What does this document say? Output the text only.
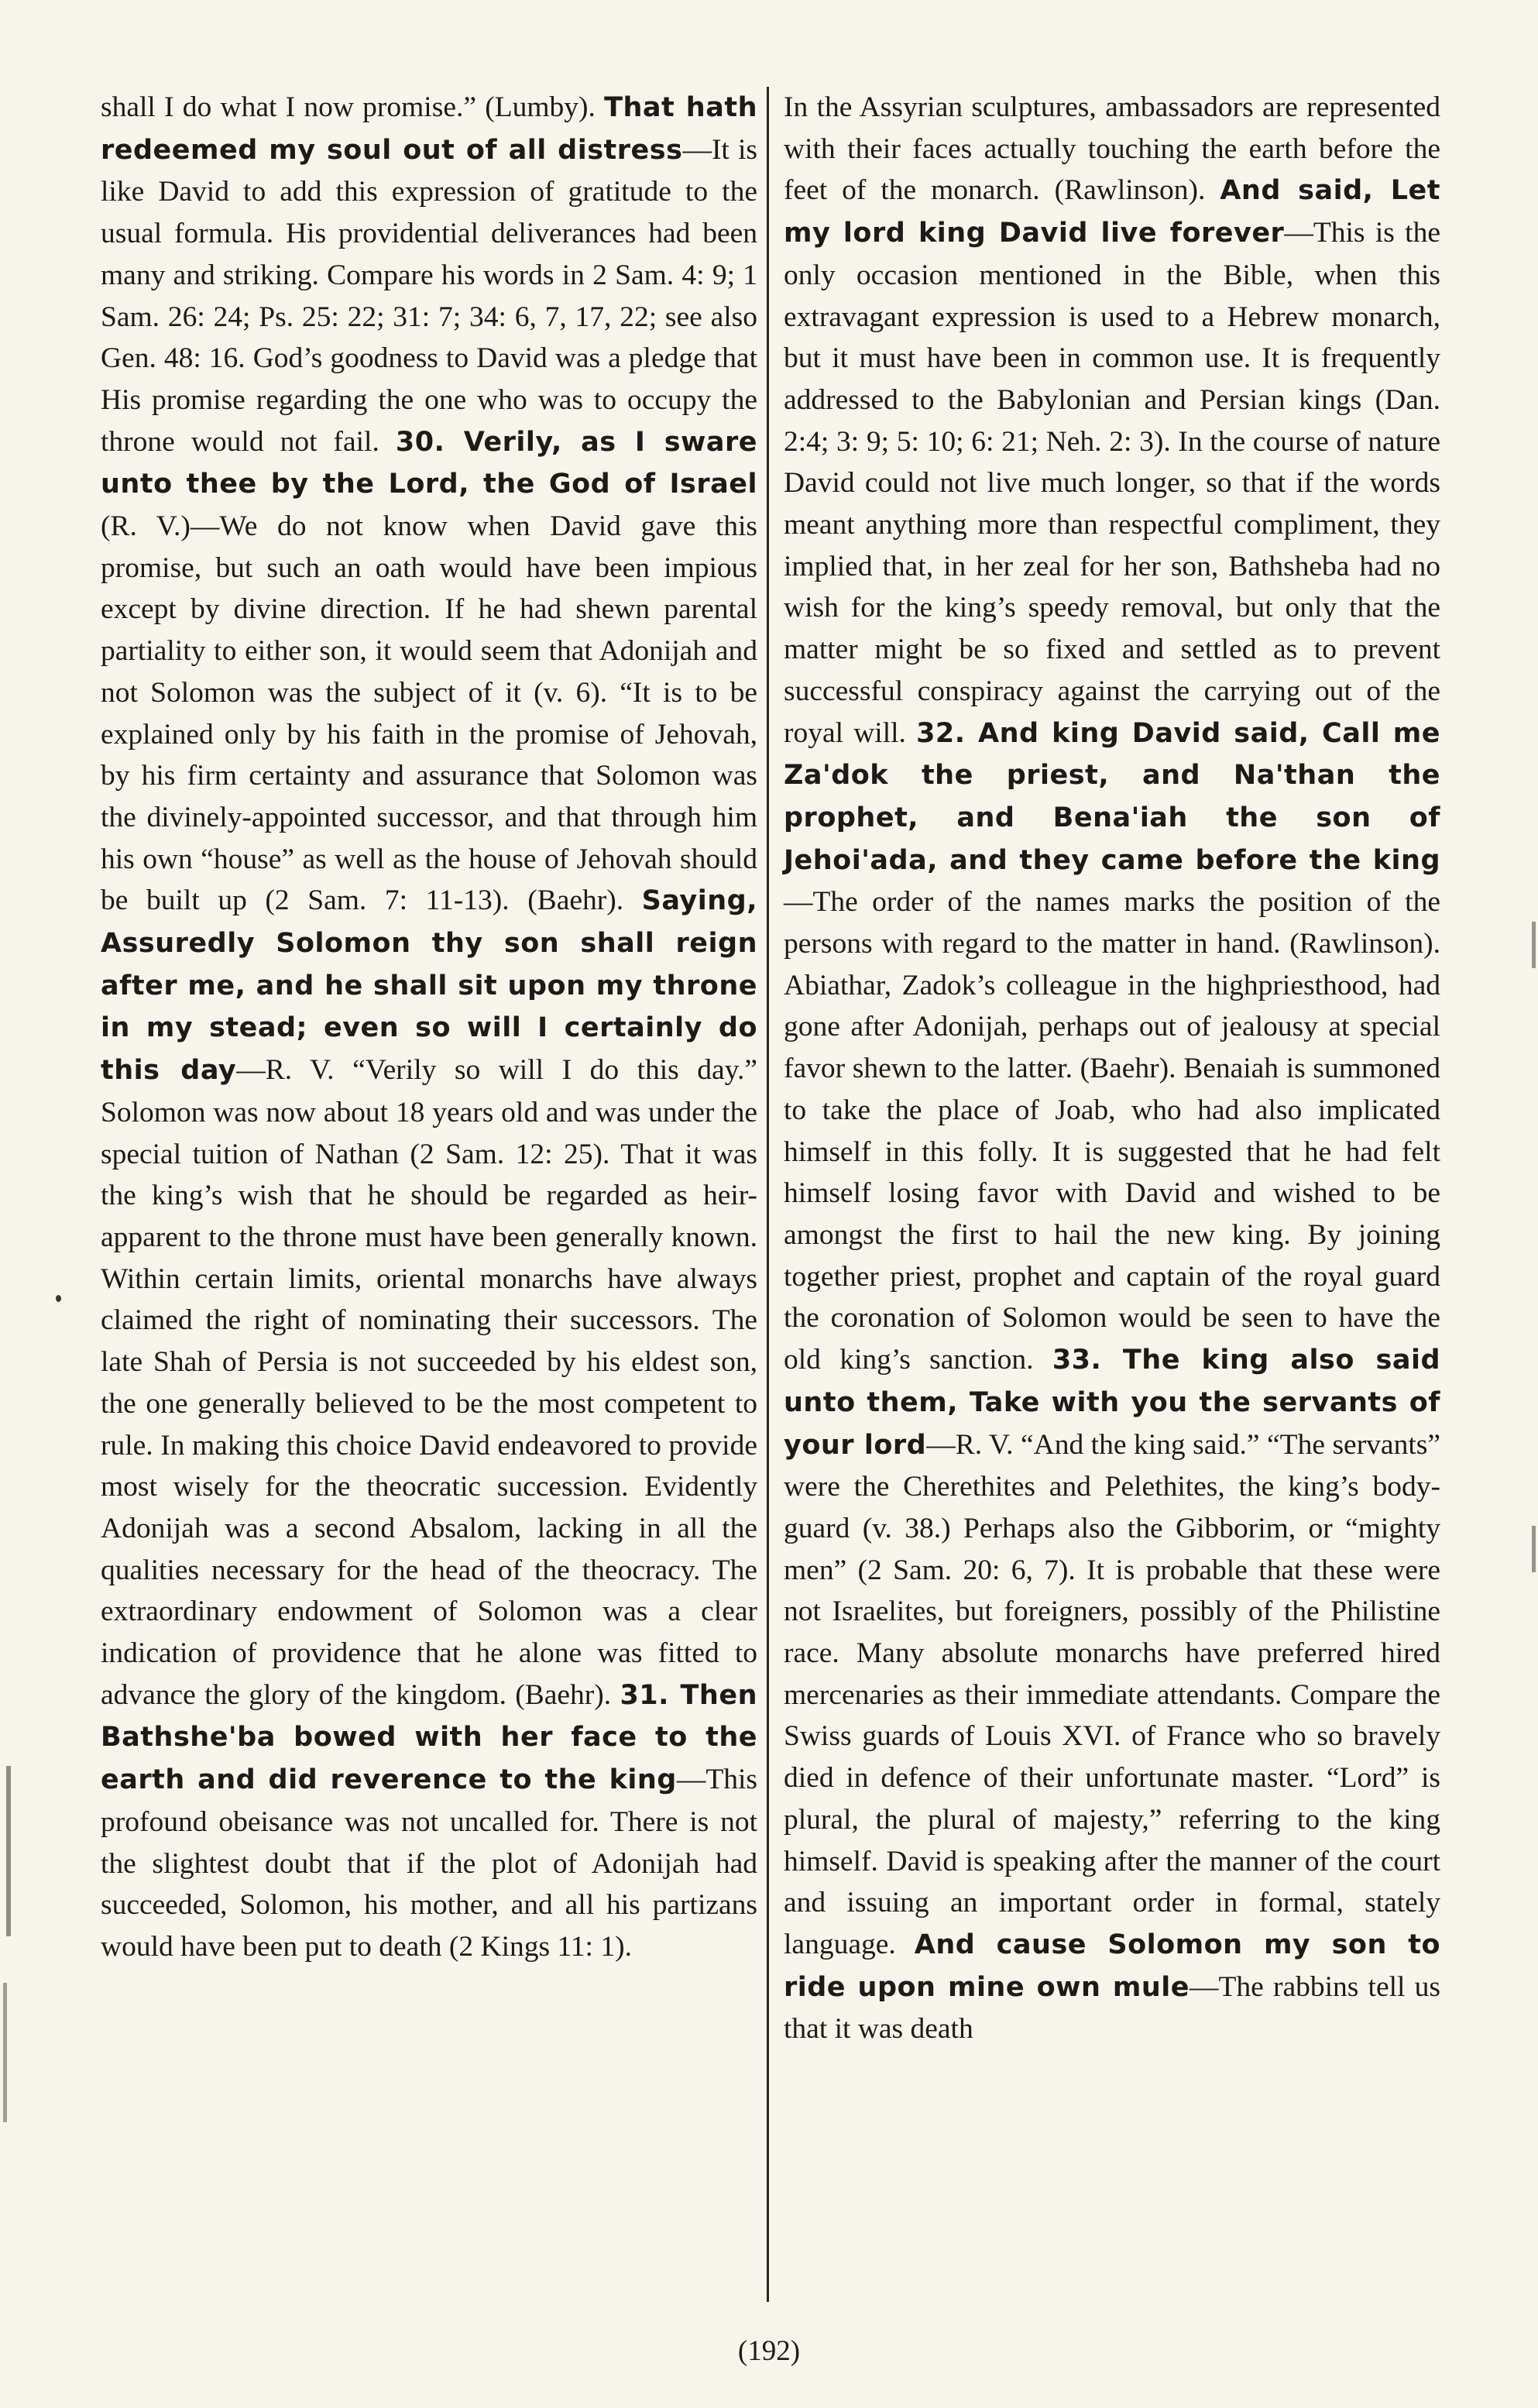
shall I do what I now promise.” (Lumby). That hath redeemed my soul out of all distress—It is like David to add this expression of gratitude to the usual formula. His providential deliverances had been many and striking. Compare his words in 2 Sam. 4: 9; 1 Sam. 26: 24; Ps. 25: 22; 31: 7; 34: 6, 7, 17, 22; see also Gen. 48: 16. God’s goodness to David was a pledge that His promise regarding the one who was to occupy the throne would not fail. 30. Verily, as I sware unto thee by the Lord, the God of Israel (R. V.)—We do not know when David gave this promise, but such an oath would have been impious except by divine direction. If he had shewn parental partiality to either son, it would seem that Adonijah and not Solomon was the subject of it (v. 6). “It is to be explained only by his faith in the promise of Jehovah, by his firm certainty and assurance that Solomon was the divinely-appointed successor, and that through him his own “house” as well as the house of Jehovah should be built up (2 Sam. 7: 11-13). (Baehr). Saying, Assuredly Solomon thy son shall reign after me, and he shall sit upon my throne in my stead; even so will I certainly do this day—R. V. “Verily so will I do this day.” Solomon was now about 18 years old and was under the special tuition of Nathan (2 Sam. 12: 25). That it was the king’s wish that he should be regarded as heir-apparent to the throne must have been generally known. Within certain limits, oriental monarchs have always claimed the right of nominating their successors. The late Shah of Persia is not succeeded by his eldest son, the one generally believed to be the most competent to rule. In making this choice David endeavored to provide most wisely for the theocratic succession. Evidently Adonijah was a second Absalom, lacking in all the qualities necessary for the head of the theocracy. The extraordinary endowment of Solomon was a clear indication of providence that he alone was fitted to advance the glory of the kingdom. (Baehr). 31. Then Bathshe'ba bowed with her face to the earth and did reverence to the king—This profound obeisance was not uncalled for. There is not the slightest doubt that if the plot of Adonijah had succeeded, Solomon, his mother, and all his partizans would have been put to death (2 Kings 11: 1).

In the Assyrian sculptures, ambassadors are represented with their faces actually touching the earth before the feet of the monarch. (Rawlinson). And said, Let my lord king David live forever—This is the only occasion mentioned in the Bible, when this extravagant expression is used to a Hebrew monarch, but it must have been in common use. It is frequently addressed to the Babylonian and Persian kings (Dan. 2:4; 3: 9; 5: 10; 6: 21; Neh. 2: 3). In the course of nature David could not live much longer, so that if the words meant anything more than respectful compliment, they implied that, in her zeal for her son, Bathsheba had no wish for the king’s speedy removal, but only that the matter might be so fixed and settled as to prevent successful conspiracy against the carrying out of the royal will. 32. And king David said, Call me Za'dok the priest, and Na'than the prophet, and Bena'iah the son of Jehoi'ada, and they came before the king—The order of the names marks the position of the persons with regard to the matter in hand. (Rawlinson). Abiathar, Zadok’s colleague in the highpriesthood, had gone after Adonijah, perhaps out of jealousy at special favor shewn to the latter. (Baehr). Benaiah is summoned to take the place of Joab, who had also implicated himself in this folly. It is suggested that he had felt himself losing favor with David and wished to be amongst the first to hail the new king. By joining together priest, prophet and captain of the royal guard the coronation of Solomon would be seen to have the old king’s sanction. 33. The king also said unto them, Take with you the servants of your lord—R. V. “And the king said.” “The servants” were the Cherethites and Pelethites, the king’s body-guard (v. 38.) Perhaps also the Gibborim, or “mighty men” (2 Sam. 20: 6, 7). It is probable that these were not Israelites, but foreigners, possibly of the Philistine race. Many absolute monarchs have preferred hired mercenaries as their immediate attendants. Compare the Swiss guards of Louis XVI. of France who so bravely died in defence of their unfortunate master. “Lord” is plural, the plural of majesty,” referring to the king himself. David is speaking after the manner of the court and issuing an important order in formal, stately language. And cause Solomon my son to ride upon mine own mule—The rabbins tell us that it was death

(192)
